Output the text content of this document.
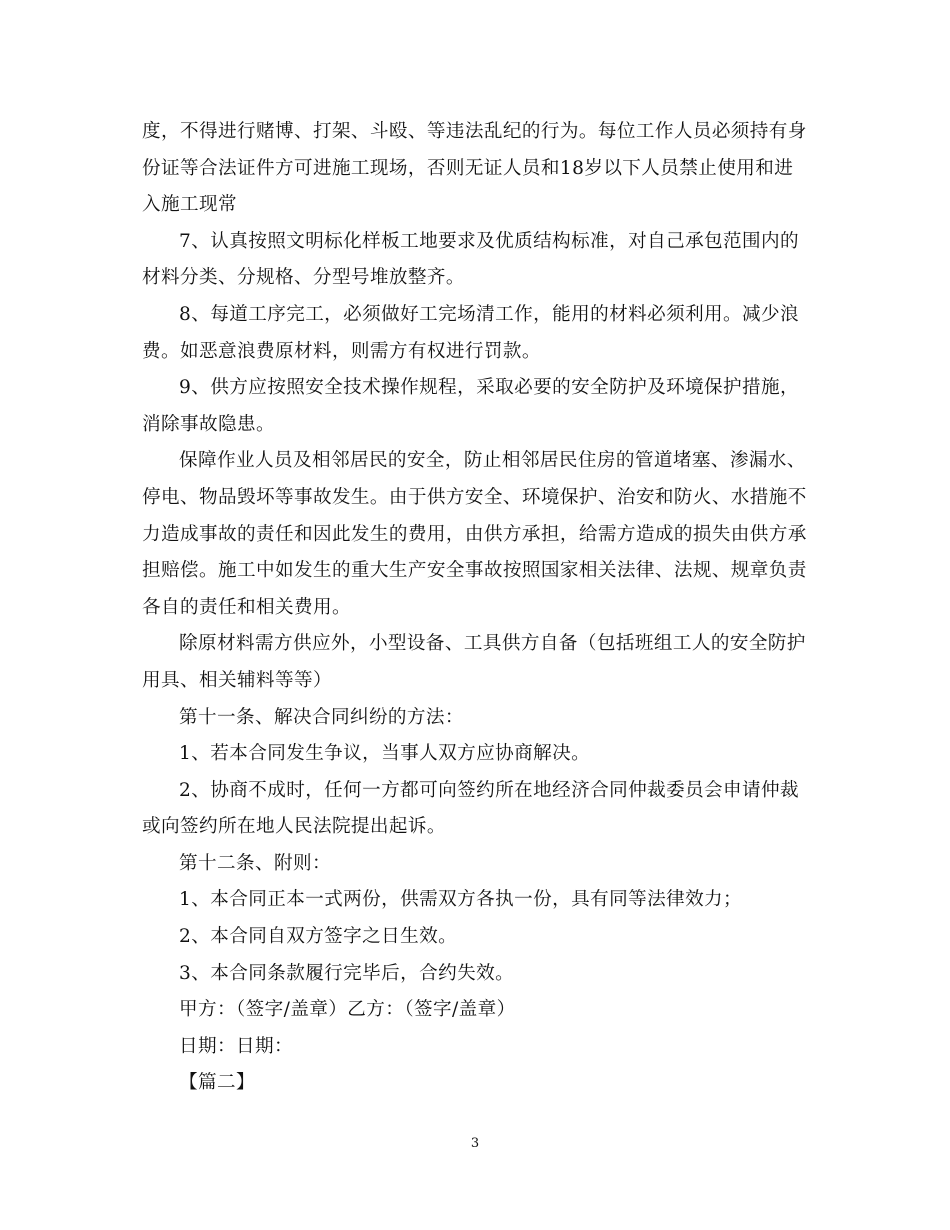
度，不得进行赌博、打架、斗殴、等违法乱纪的行为。每位工作人员必须持有身份证等合法证件方可进施工现场，否则无证人员和18岁以下人员禁止使用和进入施工现常

7、认真按照文明标化样板工地要求及优质结构标准，对自己承包范围内的材料分类、分规格、分型号堆放整齐。

8、每道工序完工，必须做好工完场清工作，能用的材料必须利用。减少浪费。如恶意浪费原材料，则需方有权进行罚款。

9、供方应按照安全技术操作规程，采取必要的安全防护及环境保护措施，消除事故隐患。

保障作业人员及相邻居民的安全，防止相邻居民住房的管道堵塞、渗漏水、停电、物品毁坏等事故发生。由于供方安全、环境保护、治安和防火、水措施不力造成事故的责任和因此发生的费用，由供方承担，给需方造成的损失由供方承担赔偿。施工中如发生的重大生产安全事故按照国家相关法律、法规、规章负责各自的责任和相关费用。

除原材料需方供应外，小型设备、工具供方自备（包括班组工人的安全防护用具、相关辅料等等）

第十一条、解决合同纠纷的方法：

1、若本合同发生争议，当事人双方应协商解决。

2、协商不成时，任何一方都可向签约所在地经济合同仲裁委员会申请仲裁或向签约所在地人民法院提出起诉。

第十二条、附则：

1、本合同正本一式两份，供需双方各执一份，具有同等法律效力；

2、本合同自双方签字之日生效。

3、本合同条款履行完毕后，合约失效。

甲方：（签字/盖章）乙方：（签字/盖章）

日期：日期：

【篇二】

3
